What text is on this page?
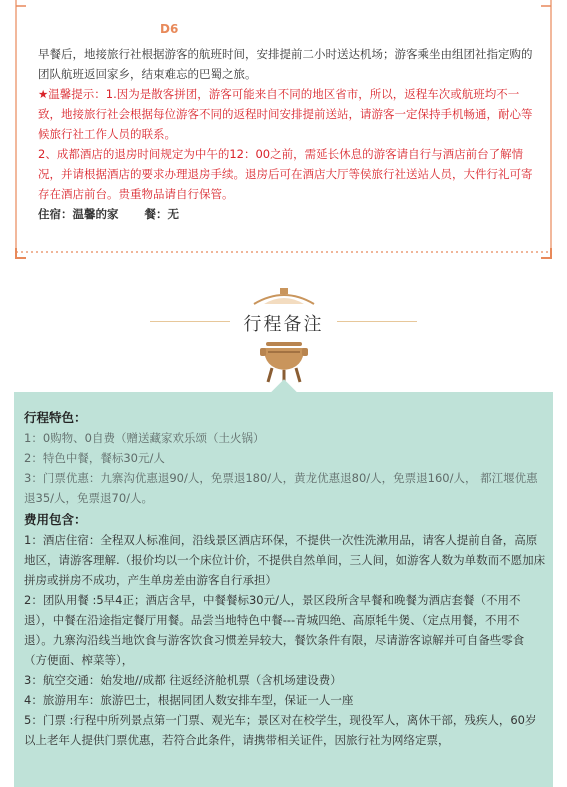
D6

早餐后，地接旅行社根据游客的航班时间，安排提前二小时送达机场；游客乘坐由组团社指定购的团队航班返回家乡，结束难忘的巴蜀之旅。

★温馨提示：1.因为是散客拼团，游客可能来自不同的地区省市，所以，返程车次或航班均不一致，地接旅行社会根据每位游客不同的返程时间安排提前送站，请游客一定保持手机畅通，耐心等候旅行社工作人员的联系。

2、成都酒店的退房时间规定为中午的12：00之前，需延长休息的游客请自行与酒店前台了解情况，并请根据酒店的要求办理退房手续。退房后可在酒店大厅等侯旅行社送站人员，大件行礼可寄存在酒店前台。贵重物品请自行保管。

住宿：温馨的家 餐：无

行程备注
行程特色：

1：0购物、0自费（赠送藏家欢乐颂（土火锅）

2：特色中餐，餐标30元/人

3：门票优惠：九寨沟优惠退90/人，免票退180/人，黄龙优惠退80/人，免票退160/人， 都江堰优惠退35/人，免票退70/人。

费用包含：

1：酒店住宿：全程双人标准间，沿线景区酒店环保，不提供一次性洗漱用品，请客人提前自备，高原地区，请游客理解.（报价均以一个床位计价，不提供自然单间，三人间，如游客人数为单数而不愿加床拼房或拼房不成功，产生单房差由游客自行承担）

2：团队用餐 :5早4正；酒店含早，中餐餐标30元/人，景区段所含早餐和晚餐为酒店套餐（不用不退），中餐在沿途指定餐厅用餐。品尝当地特色中餐---青城四绝、高原牦牛煲、（定点用餐，不用不退）。九寨沟沿线当地饮食与游客饮食习惯差异较大，餐饮条件有限，尽请游客谅解并可自备些零食（方便面、榨菜等），

3：航空交通：始发地//成都 往返经济舱机票（含机场建设费）

4：旅游用车：旅游巴士，根据同团人数安排车型，保证一人一座

5：门票 :行程中所列景点第一门票、观光车；景区对在校学生，现役军人，离休干部，残疾人，60岁以上老年人提供门票优惠，若符合此条件，请携带相关证件，因旅行社为网络定票，
